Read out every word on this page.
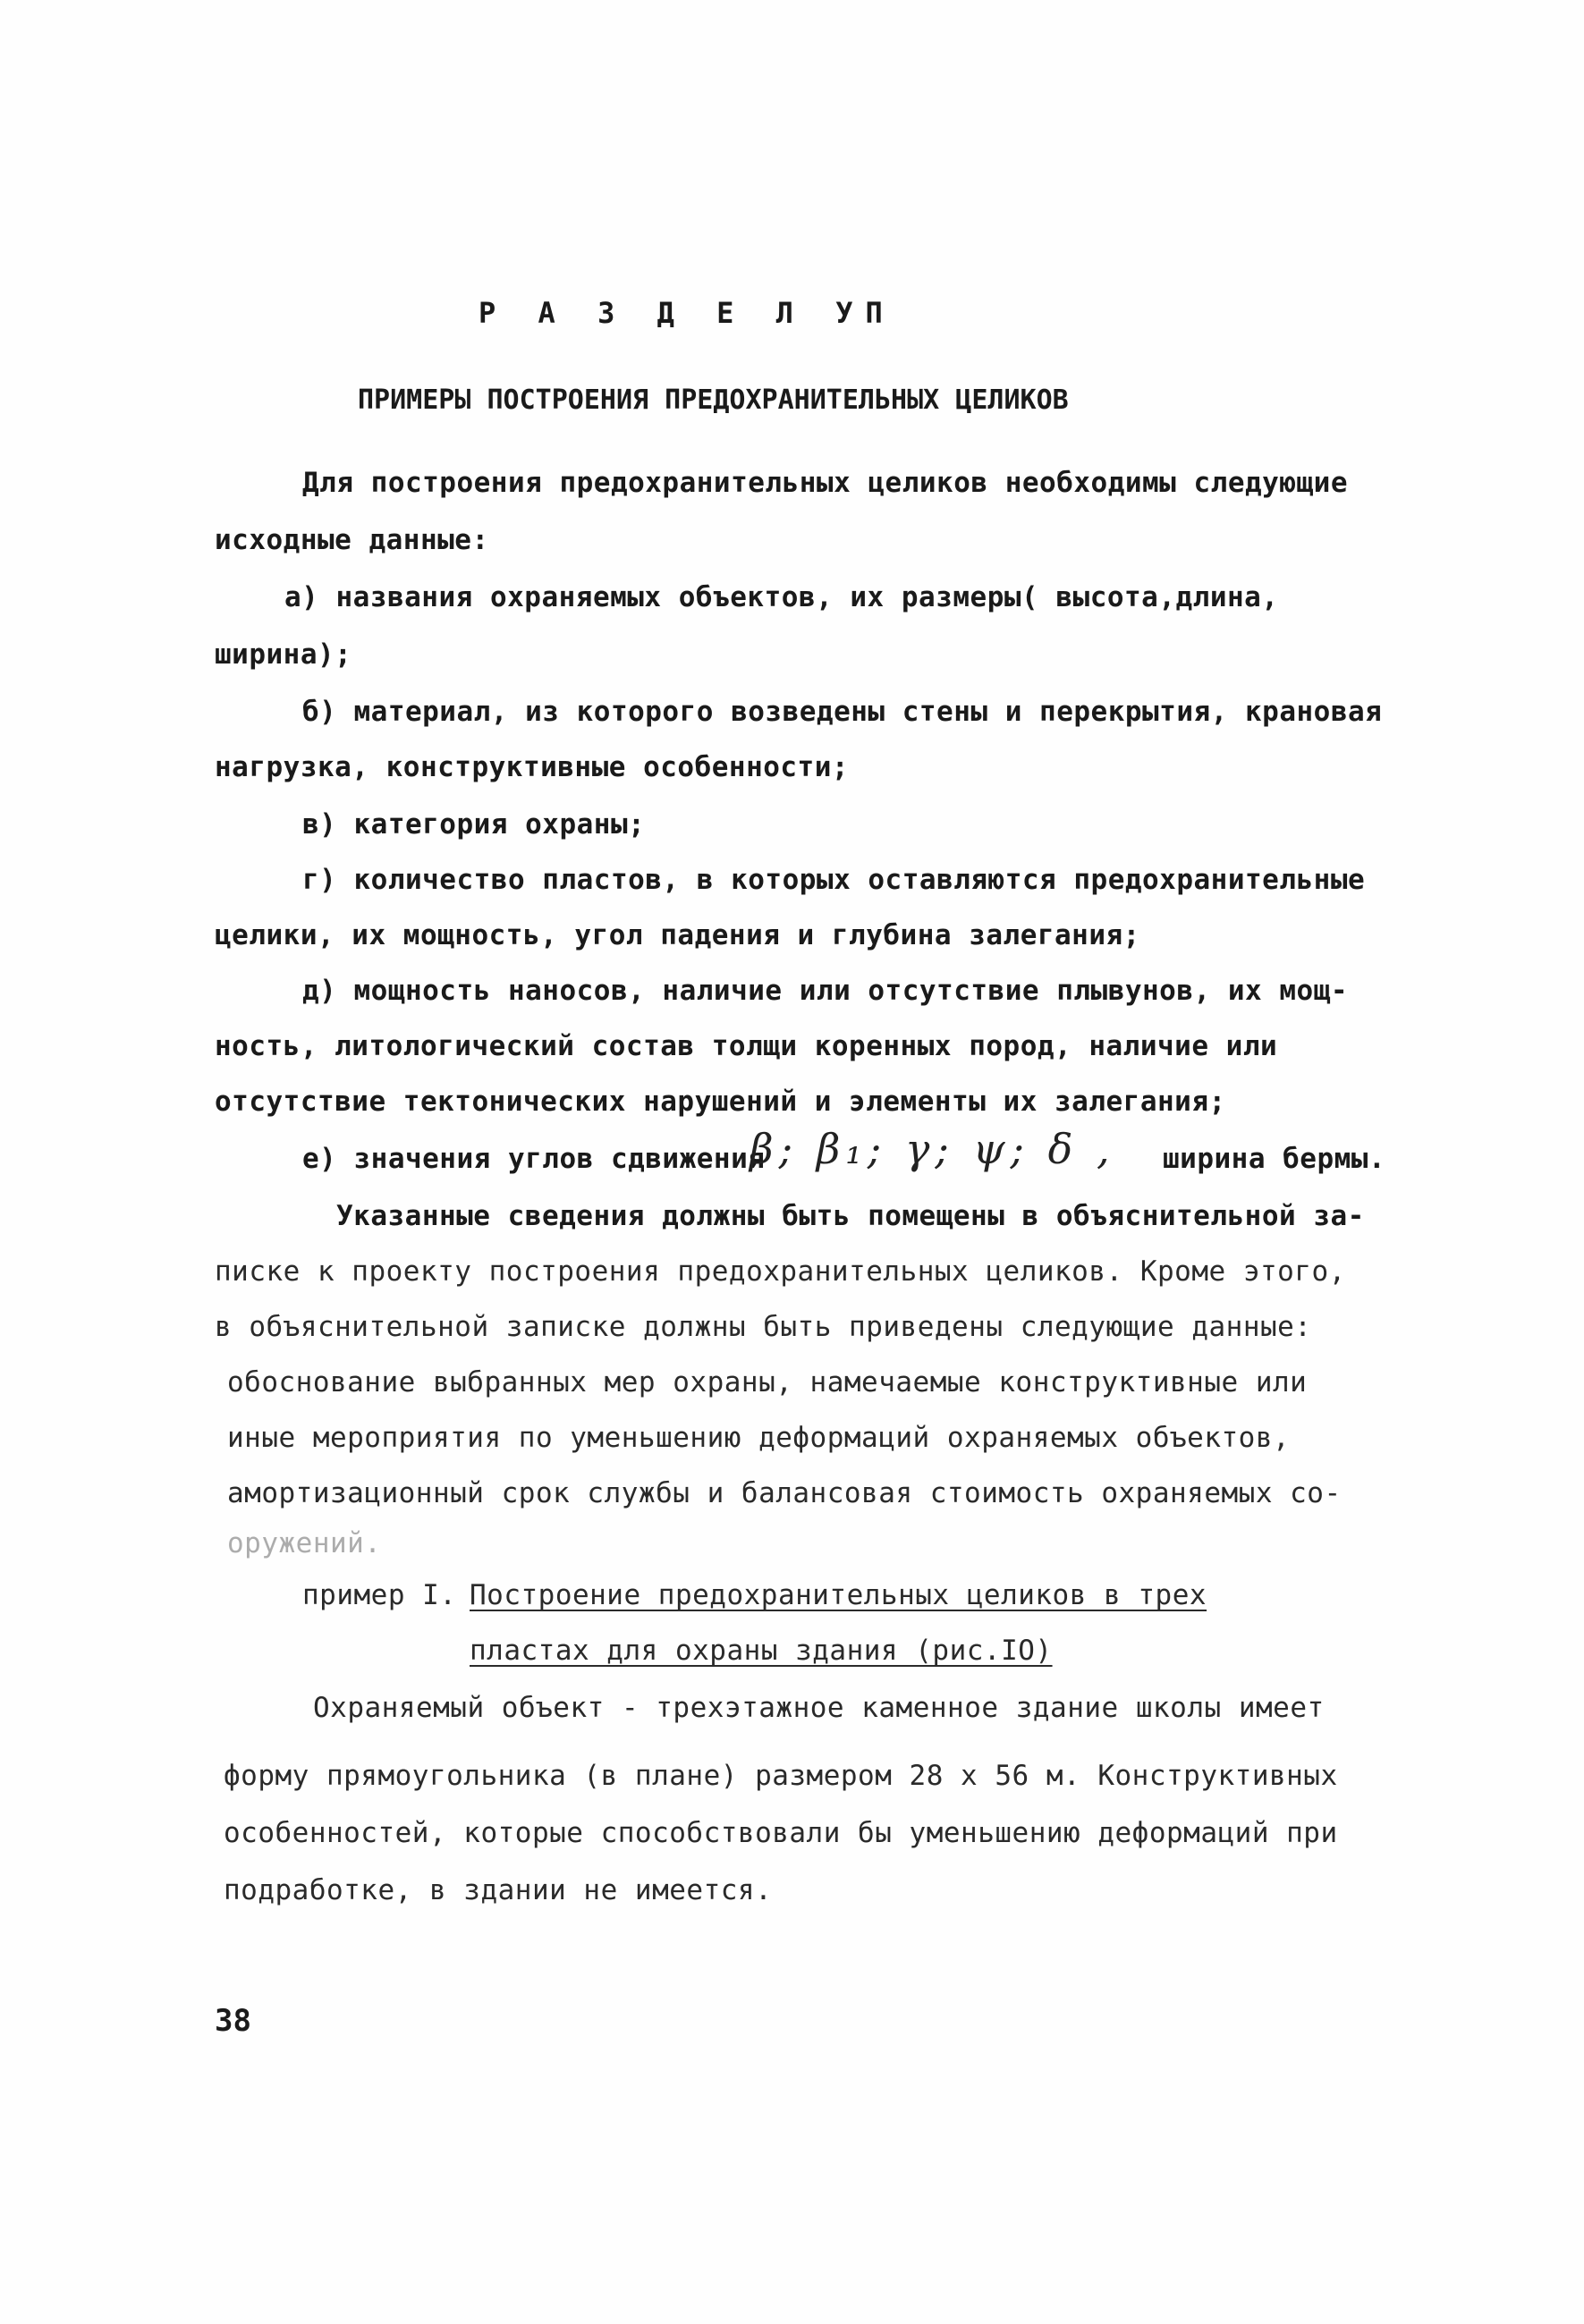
Р А З Д Е Л УП
ПРИМЕРЫ ПОСТРОЕНИЯ ПРЕДОХРАНИТЕЛЬНЫХ ЦЕЛИКОВ
Для построения предохранительных целиков необходимы следующие
исходные данные:
а) названия охраняемых объектов, их размеры( высота,длина,
ширина);
б) материал, из которого возведены стены и перекрытия, крановая
нагрузка, конструктивные особенности;
в) категория охраны;
г) количество пластов, в которых оставляются предохранительные
целики, их мощность, угол падения и глубина залегания;
д) мощность наносов, наличие или отсутствие плывунов, их мощ-
ность, литологический состав толщи коренных пород, наличие или
отсутствие тектонических нарушений и элементы их залегания;
е) значения углов сдвижения
β; β₁; γ; ψ; δ , ширина бермы.
Указанные сведения должны быть помещены в объяснительной за-
писке к проекту построения предохранительных целиков. Кроме этого,
в объяснительной записке должны быть приведены следующие данные:
обоснование выбранных мер охраны, намечаемые конструктивные или
иные мероприятия по уменьшению деформаций охраняемых объектов,
амортизационный срок службы и балансовая стоимость охраняемых со-
оружений.
пример I. Построение предохранительных целиков в трех
пластах для охраны здания (рис.IO)
Охраняемый объект - трехэтажное каменное здание школы имеет
форму прямоугольника (в плане) размером 28 х 56 м. Конструктивных
особенностей, которые способствовали бы уменьшению деформаций при
подработке, в здании не имеется.
38
